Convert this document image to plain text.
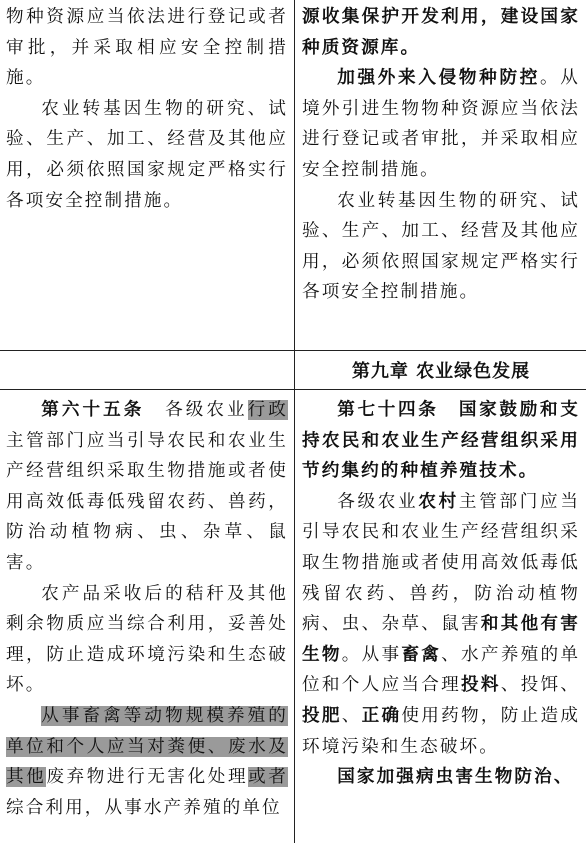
物种资源应当依法进行登记或者审批，并采取相应安全控制措施。

农业转基因生物的研究、试验、生产、加工、经营及其他应用，必须依照国家规定严格实行各项安全控制措施。

源收集保护开发利用，建设国家种质资源库。

加强外来入侵物种防控。从境外引进生物物种资源应当依法进行登记或者审批，并采取相应安全控制措施。

农业转基因生物的研究、试验、生产、加工、经营及其他应用，必须依照国家规定严格实行各项安全控制措施。

第九章 农业绿色发展

第六十五条　各级农业行政主管部门应当引导农民和农业生产经营组织采取生物措施或者使用高效低毒低残留农药、兽药，防治动植物病、虫、杂草、鼠害。

农产品采收后的秸秆及其他剩余物质应当综合利用，妥善处理，防止造成环境污染和生态破坏。

从事畜禽等动物规模养殖的单位和个人应当对粪便、废水及其他废弃物进行无害化处理或者综合利用，从事水产养殖的单位

第七十四条　 国家鼓励和支持农民和农业生产经营组织采用节约集约的种植养殖技术。

各级农业农村主管部门应当引导农民和农业生产经营组织采取生物措施或者使用高效低毒低残留农药、兽药，防治动植物病、虫、杂草、鼠害和其他有害生物。从事畜禽、水产养殖的单位和个人应当合理投料、投饵、投肥、正确使用药物，防止造成环境污染和生态破坏。

国家加强病虫害生物防治、
